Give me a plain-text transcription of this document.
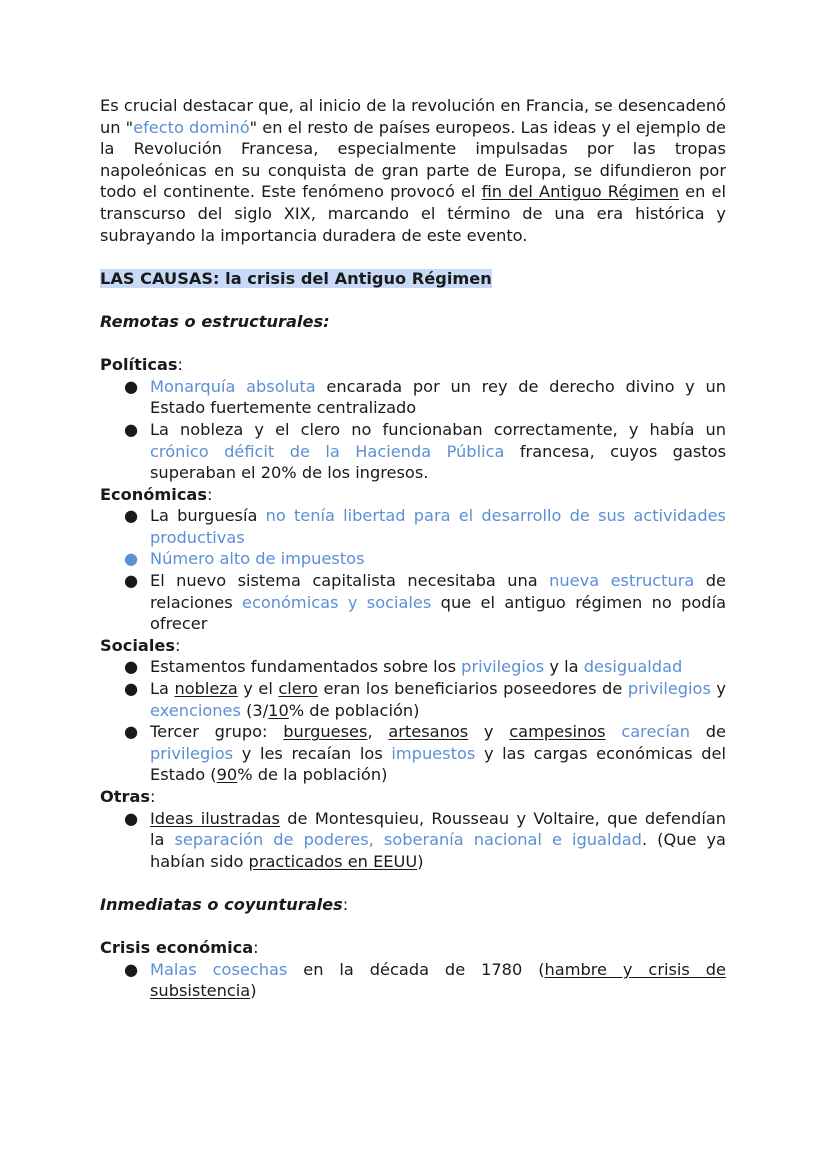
Es crucial destacar que, al inicio de la revolución en Francia, se desencadenó un "efecto dominó" en el resto de países europeos. Las ideas y el ejemplo de la Revolución Francesa, especialmente impulsadas por las tropas napoleónicas en su conquista de gran parte de Europa, se difundieron por todo el continente. Este fenómeno provocó el fin del Antiguo Régimen en el transcurso del siglo XIX, marcando el término de una era histórica y subrayando la importancia duradera de este evento.

LAS CAUSAS: la crisis del Antiguo Régimen

Remotas o estructurales:

Políticas:

● Monarquía absoluta encarada por un rey de derecho divino y un Estado fuertemente centralizado
● La nobleza y el clero no funcionaban correctamente, y había un crónico déficit de la Hacienda Pública francesa, cuyos gastos superaban el 20% de los ingresos.

Económicas:

● La burguesía no tenía libertad para el desarrollo de sus actividades productivas
● Número alto de impuestos
● El nuevo sistema capitalista necesitaba una nueva estructura de relaciones económicas y sociales que el antiguo régimen no podía ofrecer

Sociales:

● Estamentos fundamentados sobre los privilegios y la desigualdad
● La nobleza y el clero eran los beneficiarios poseedores de privilegios y exenciones (3/10% de población)
● Tercer grupo: burgueses, artesanos y campesinos carecían de privilegios y les recaían los impuestos y las cargas económicas del Estado (90% de la población)

Otras:

● Ideas ilustradas de Montesquieu, Rousseau y Voltaire, que defendían la separación de poderes, soberanía nacional e igualdad. (Que ya habían sido practicados en EEUU)

Inmediatas o coyunturales:

Crisis económica:

● Malas cosechas en la década de 1780 (hambre y crisis de subsistencia)
